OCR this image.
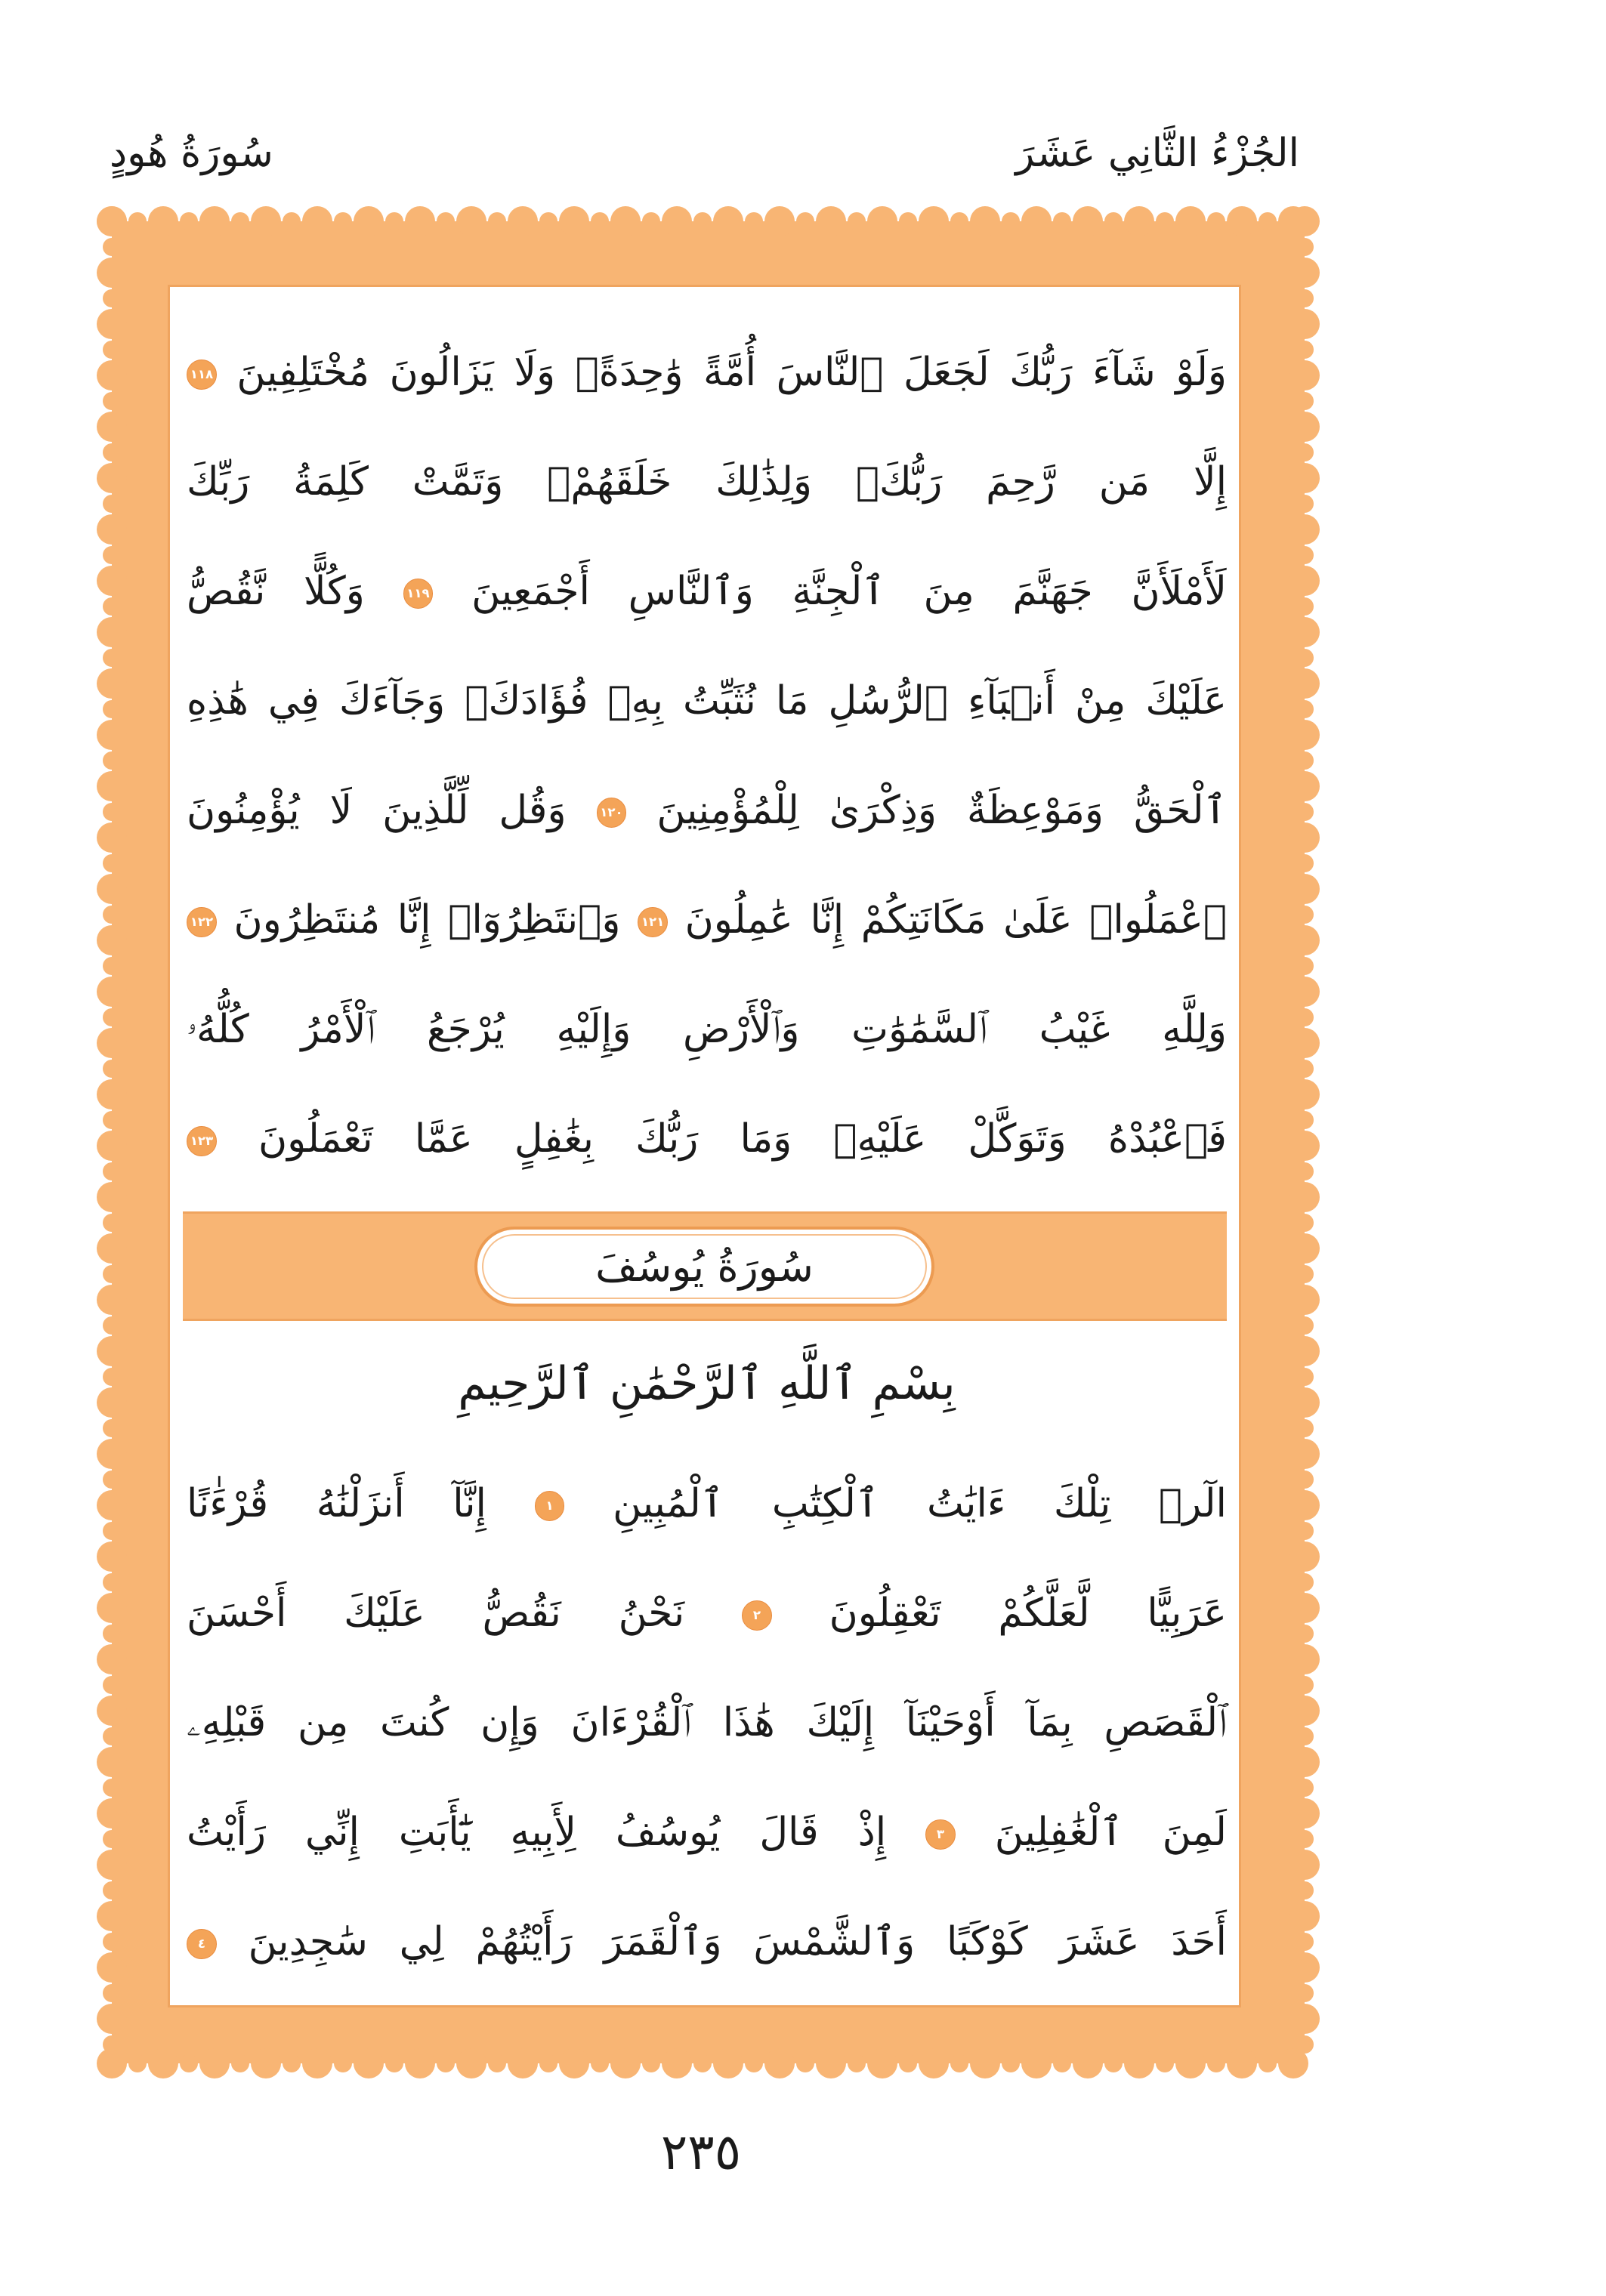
الجُزْءُ الثَّانِي عَشَرَ
سُورَةُ هُودٍ
وَلَوْ شَآءَ رَبُّكَ لَجَعَلَ ٱلنَّاسَ أُمَّةً وَٰحِدَةًۖ وَلَا يَزَالُونَ مُخْتَلِفِينَ ١١٨
إِلَّا مَن رَّحِمَ رَبُّكَۚ وَلِذَٰلِكَ خَلَقَهُمْۗ وَتَمَّتْ كَلِمَةُ رَبِّكَ
لَأَمْلَأَنَّ جَهَنَّمَ مِنَ ٱلْجِنَّةِ وَٱلنَّاسِ أَجْمَعِينَ ١١٩ وَكُلًّا نَّقُصُّ
عَلَيْكَ مِنْ أَنۢبَآءِ ٱلرُّسُلِ مَا نُثَبِّتُ بِهِۦ فُؤَادَكَۚ وَجَآءَكَ فِي هَٰذِهِ
ٱلْحَقُّ وَمَوْعِظَةٌ وَذِكْرَىٰ لِلْمُؤْمِنِينَ ١٢٠ وَقُل لِّلَّذِينَ لَا يُؤْمِنُونَ
ٱعْمَلُوا۟ عَلَىٰ مَكَانَتِكُمْ إِنَّا عَٰمِلُونَ ١٢١ وَٱنتَظِرُوٓا۟ إِنَّا مُنتَظِرُونَ ١٢٢
وَلِلَّهِ غَيْبُ ٱلسَّمَٰوَٰتِ وَٱلْأَرْضِ وَإِلَيْهِ يُرْجَعُ ٱلْأَمْرُ كُلُّهُۥ
فَٱعْبُدْهُ وَتَوَكَّلْ عَلَيْهِۚ وَمَا رَبُّكَ بِغَٰفِلٍ عَمَّا تَعْمَلُونَ ١٢٣
سُورَةُ يُوسُفَ
بِسْمِ ٱللَّهِ ٱلرَّحْمَٰنِ ٱلرَّحِيمِ
الٓرۚ تِلْكَ ءَايَٰتُ ٱلْكِتَٰبِ ٱلْمُبِينِ ١ إِنَّآ أَنزَلْنَٰهُ قُرْءَٰنًا
عَرَبِيًّا لَّعَلَّكُمْ تَعْقِلُونَ ٢ نَحْنُ نَقُصُّ عَلَيْكَ أَحْسَنَ
ٱلْقَصَصِ بِمَآ أَوْحَيْنَآ إِلَيْكَ هَٰذَا ٱلْقُرْءَانَ وَإِن كُنتَ مِن قَبْلِهِۦ
لَمِنَ ٱلْغَٰفِلِينَ ٣ إِذْ قَالَ يُوسُفُ لِأَبِيهِ يَٰٓأَبَتِ إِنِّي رَأَيْتُ
أَحَدَ عَشَرَ كَوْكَبًا وَٱلشَّمْسَ وَٱلْقَمَرَ رَأَيْتُهُمْ لِي سَٰجِدِينَ ٤
٢٣٥
